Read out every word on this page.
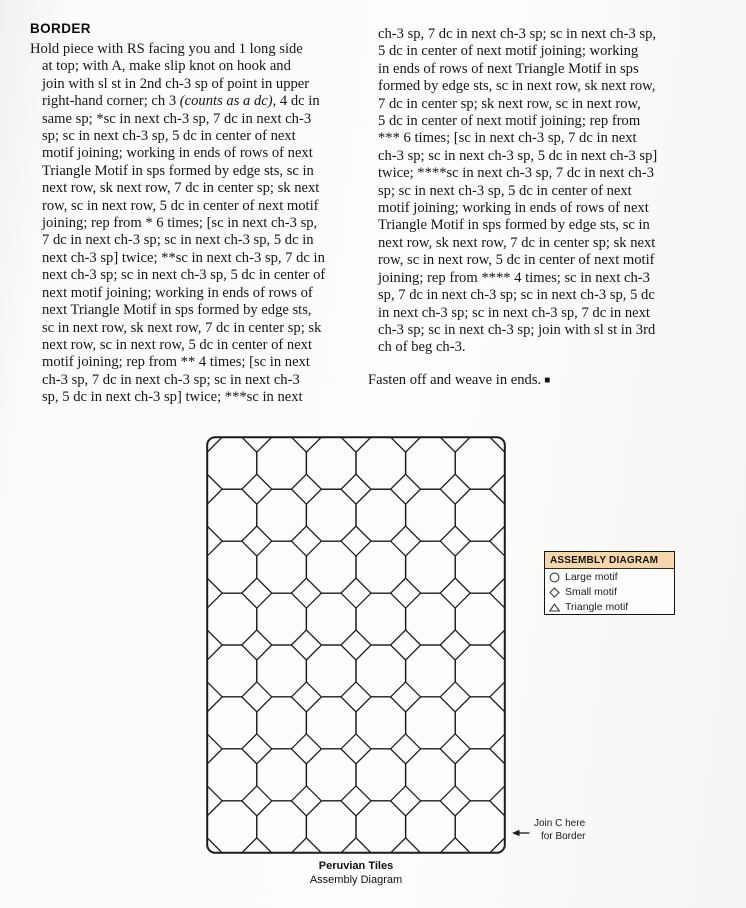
BORDER
Hold piece with RS facing you and 1 long side
at top; with A, make slip knot on hook and
join with sl st in 2nd ch-3 sp of point in upper
right-hand corner; ch 3 (counts as a dc), 4 dc in
same sp; *sc in next ch-3 sp, 7 dc in next ch-3
sp; sc in next ch-3 sp, 5 dc in center of next
motif joining; working in ends of rows of next
Triangle Motif in sps formed by edge sts, sc in
next row, sk next row, 7 dc in center sp; sk next
row, sc in next row, 5 dc in center of next motif
joining; rep from * 6 times; [sc in next ch-3 sp,
7 dc in next ch-3 sp; sc in next ch-3 sp, 5 dc in
next ch-3 sp] twice; **sc in next ch-3 sp, 7 dc in
next ch-3 sp; sc in next ch-3 sp, 5 dc in center of
next motif joining; working in ends of rows of
next Triangle Motif in sps formed by edge sts,
sc in next row, sk next row, 7 dc in center sp; sk
next row, sc in next row, 5 dc in center of next
motif joining; rep from ** 4 times; [sc in next
ch-3 sp, 7 dc in next ch-3 sp; sc in next ch-3
sp, 5 dc in next ch-3 sp] twice; ***sc in next
ch-3 sp, 7 dc in next ch-3 sp; sc in next ch-3 sp,
5 dc in center of next motif joining; working
in ends of rows of next Triangle Motif in sps
formed by edge sts, sc in next row, sk next row,
7 dc in center sp; sk next row, sc in next row,
5 dc in center of next motif joining; rep from
*** 6 times; [sc in next ch-3 sp, 7 dc in next
ch-3 sp; sc in next ch-3 sp, 5 dc in next ch-3 sp]
twice; ****sc in next ch-3 sp, 7 dc in next ch-3
sp; sc in next ch-3 sp, 5 dc in center of next
motif joining; working in ends of rows of next
Triangle Motif in sps formed by edge sts, sc in
next row, sk next row, 7 dc in center sp; sk next
row, sc in next row, 5 dc in center of next motif
joining; rep from **** 4 times; sc in next ch-3
sp, 7 dc in next ch-3 sp; sc in next ch-3 sp, 5 dc
in next ch-3 sp; sc in next ch-3 sp, 7 dc in next
ch-3 sp; sc in next ch-3 sp; join with sl st in 3rd
ch of beg ch-3.

Fasten off and weave in ends. ■

ASSEMBLY DIAGRAM
Large motif
Small motif
Triangle motif
Join C here
for Border
Peruvian Tiles
Assembly Diagram
